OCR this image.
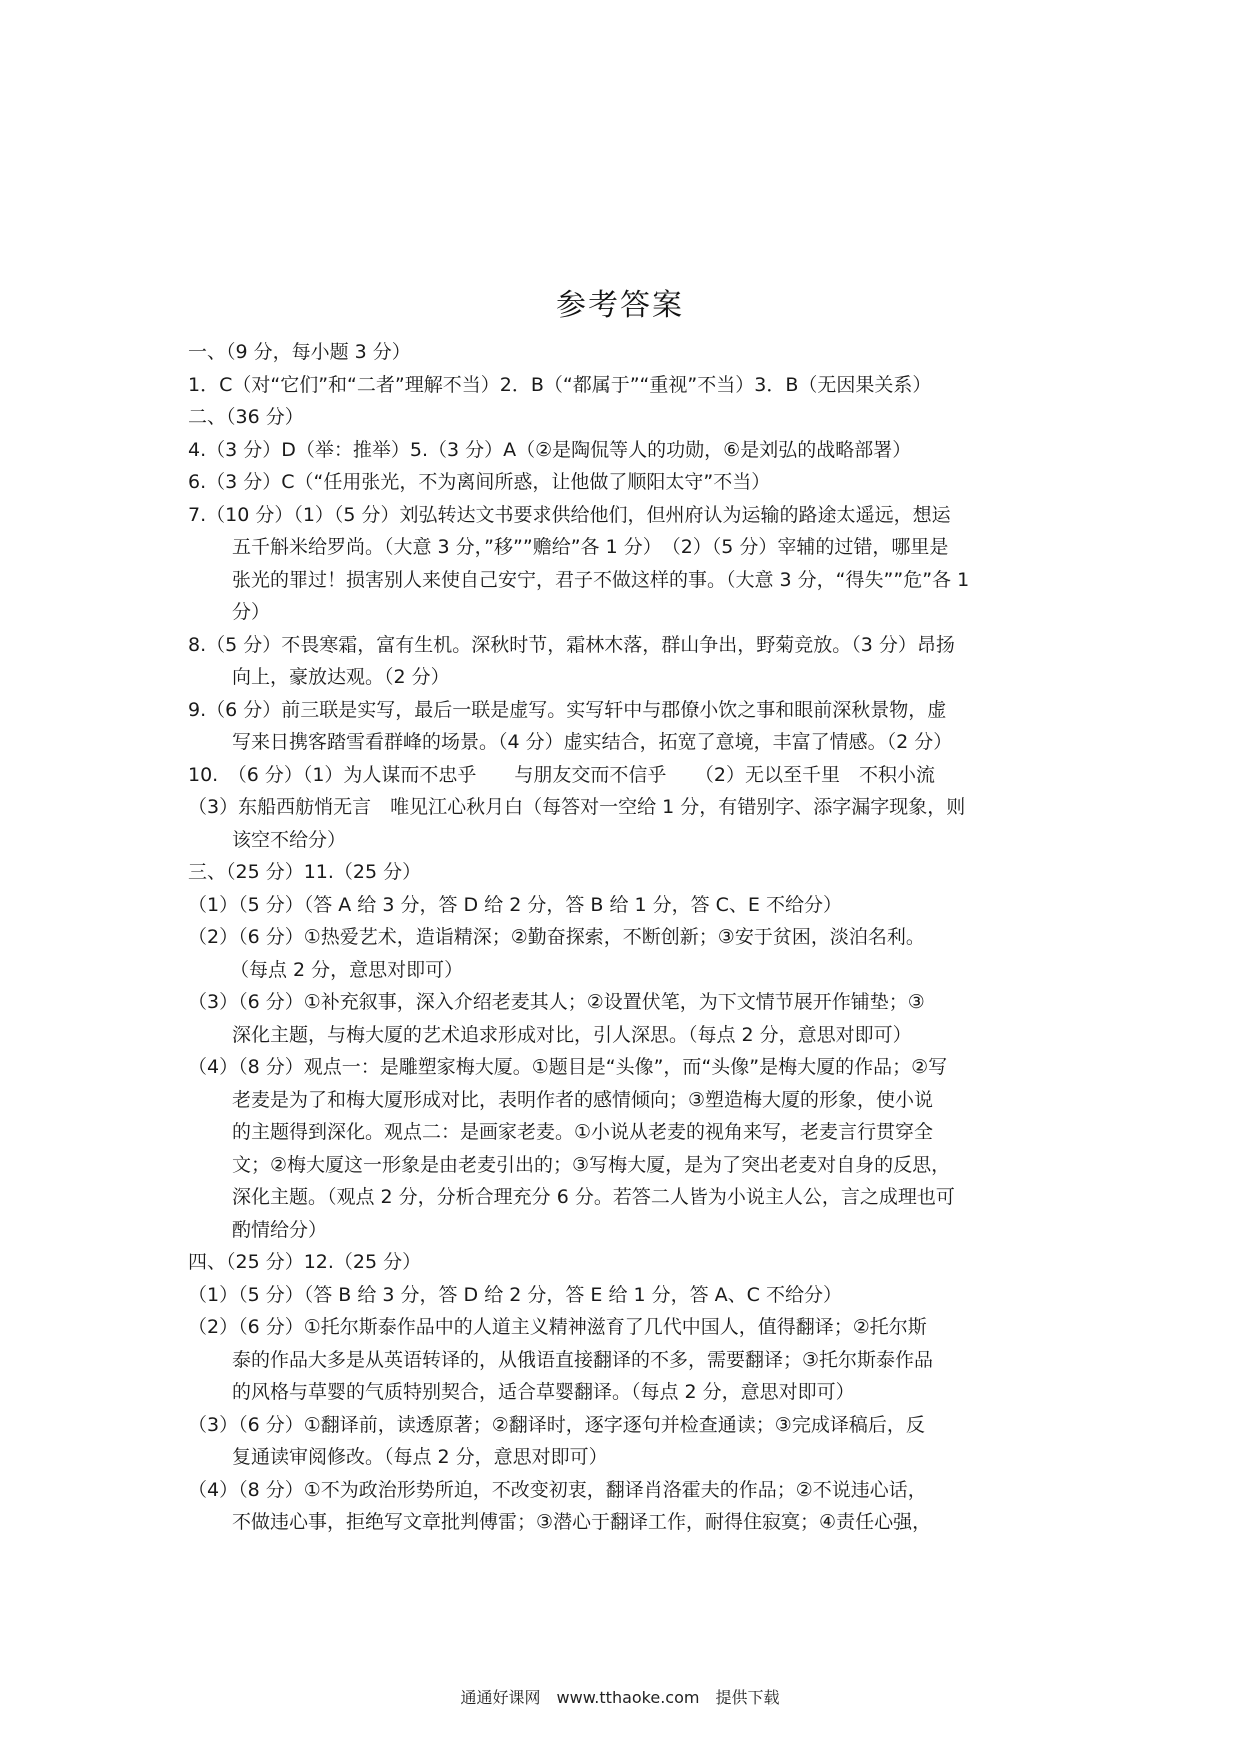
参考答案
一、（9 分，每小题 3 分）
1．C（对“它们”和“二者”理解不当）2．B（“都属于”“重视”不当）3．B（无因果关系）
二、（36 分）
4.（3 分）D（举：推举）5.（3 分）A（②是陶侃等人的功勋，⑥是刘弘的战略部署）
6.（3 分）C（“任用张光，不为离间所惑，让他做了顺阳太守”不当）
7.（10 分）（1）（5 分）刘弘转达文书要求供给他们，但州府认为运输的路途太遥远，想运
五千斛米给罗尚。（大意 3 分，”移””赡给”各 1 分）　（2）（5 分）宰辅的过错，哪里是
张光的罪过！损害别人来使自己安宁，君子不做这样的事。（大意 3 分，“得失””危”各 1
分）
8.（5 分）不畏寒霜，富有生机。深秋时节，霜林木落，群山争出，野菊竞放。（3 分）昂扬
向上，豪放达观。（2 分）
9.（6 分）前三联是实写，最后一联是虚写。实写轩中与郡僚小饮之事和眼前深秋景物，虚
写来日携客踏雪看群峰的场景。（4 分）虚实结合，拓宽了意境，丰富了情感。（2 分）
10.　（6 分）（1）为人谋而不忠乎　　与朋友交而不信乎　　（2）无以至千里　不积小流
（3）东船西舫悄无言　唯见江心秋月白（每答对一空给 1 分，有错别字、添字漏字现象，则
该空不给分）
三、（25 分）11.（25 分）
（1）（5 分）（答 A 给 3 分，答 D 给 2 分，答 B 给 1 分，答 C、E 不给分）
（2）（6 分）①热爱艺术，造诣精深；②勤奋探索，不断创新；③安于贫困，淡泊名利。
（每点 2 分，意思对即可）
（3）（6 分）①补充叙事，深入介绍老麦其人；②设置伏笔，为下文情节展开作铺垫；③
深化主题，与梅大厦的艺术追求形成对比，引人深思。（每点 2 分，意思对即可）
（4）（8 分）观点一：是雕塑家梅大厦。①题目是“头像”，而“头像”是梅大厦的作品；②写
老麦是为了和梅大厦形成对比，表明作者的感情倾向；③塑造梅大厦的形象，使小说
的主题得到深化。观点二：是画家老麦。①小说从老麦的视角来写，老麦言行贯穿全
文；②梅大厦这一形象是由老麦引出的；③写梅大厦，是为了突出老麦对自身的反思，
深化主题。（观点 2 分，分析合理充分 6 分。若答二人皆为小说主人公，言之成理也可
酌情给分）
四、（25 分）12.（25 分）
（1）（5 分）（答 B 给 3 分，答 D 给 2 分，答 E 给 1 分，答 A、C 不给分）
（2）（6 分）①托尔斯泰作品中的人道主义精神滋育了几代中国人，值得翻译；②托尔斯
泰的作品大多是从英语转译的，从俄语直接翻译的不多，需要翻译；③托尔斯泰作品
的风格与草婴的气质特别契合，适合草婴翻译。（每点 2 分，意思对即可）
（3）（6 分）①翻译前，读透原著；②翻译时，逐字逐句并检查通读；③完成译稿后，反
复通读审阅修改。（每点 2 分，意思对即可）
（4）（8 分）①不为政治形势所迫，不改变初衷，翻译肖洛霍夫的作品；②不说违心话，
不做违心事，拒绝写文章批判傅雷；③潜心于翻译工作，耐得住寂寞；④责任心强，
通通好课网　www.tthaoke.com　提供下载
